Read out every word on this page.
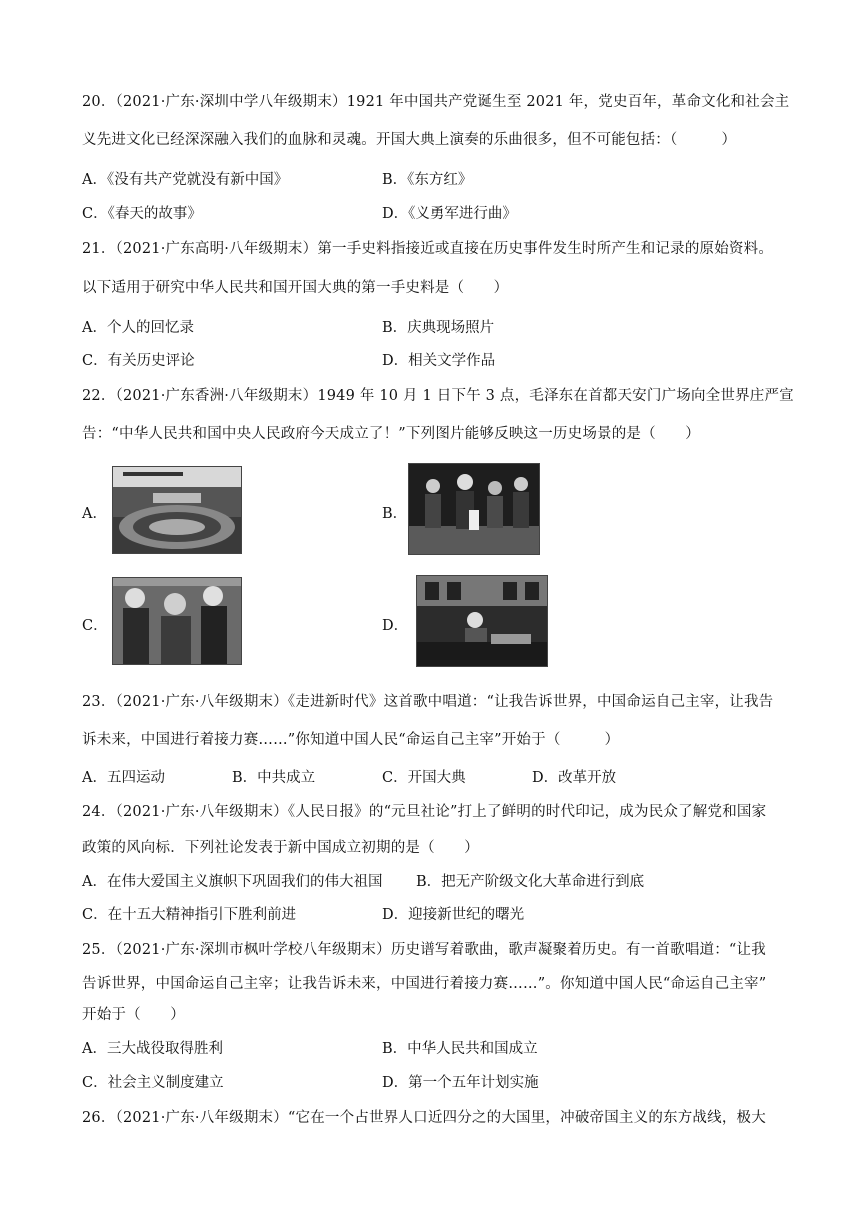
20．（2021·广东·深圳中学八年级期末）1921 年中国共产党诞生至 2021 年，党史百年，革命文化和社会主
义先进文化已经深深融入我们的血脉和灵魂。开国大典上演奏的乐曲很多，但不可能包括：（　　　）
A．《没有共产党就没有新中国》	B．《东方红》
C．《春天的故事》	D．《义勇军进行曲》
21．（2021·广东高明·八年级期末）第一手史料指接近或直接在历史事件发生时所产生和记录的原始资料。
以下适用于研究中华人民共和国开国大典的第一手史料是（　　）
A．个人的回忆录	B．庆典现场照片
C．有关历史评论	D．相关文学作品
22．（2021·广东香洲·八年级期末）1949 年 10 月 1 日下午 3 点，毛泽东在首都天安门广场向全世界庄严宣
告：“中华人民共和国中央人民政府今天成立了！”下列图片能够反映这一历史场景的是（　　）
A．	B．
C．	D．
23．（2021·广东·八年级期末）《走进新时代》这首歌中唱道：“让我告诉世界，中国命运自己主宰，让我告
诉未来，中国进行着接力赛……”你知道中国人民“命运自己主宰”开始于（　　　）
A．五四运动	B．中共成立	C．开国大典	D．改革开放
24．（2021·广东·八年级期末）《人民日报》的“元旦社论”打上了鲜明的时代印记，成为民众了解党和国家
政策的风向标．下列社论发表于新中国成立初期的是（　　）
A．在伟大爱国主义旗帜下巩固我们的伟大祖国 B．把无产阶级文化大革命进行到底
C．在十五大精神指引下胜利前进	D．迎接新世纪的曙光
25．（2021·广东·深圳市枫叶学校八年级期末）历史谱写着歌曲，歌声凝聚着历史。有一首歌唱道：“让我
告诉世界，中国命运自己主宰；让我告诉未来，中国进行着接力赛……”。你知道中国人民“命运自己主宰”
开始于（　　）
A．三大战役取得胜利	B．中华人民共和国成立
C．社会主义制度建立	D．第一个五年计划实施
26．（2021·广东·八年级期末）“它在一个占世界人口近四分之的大国里，冲破帝国主义的东方战线，极大
